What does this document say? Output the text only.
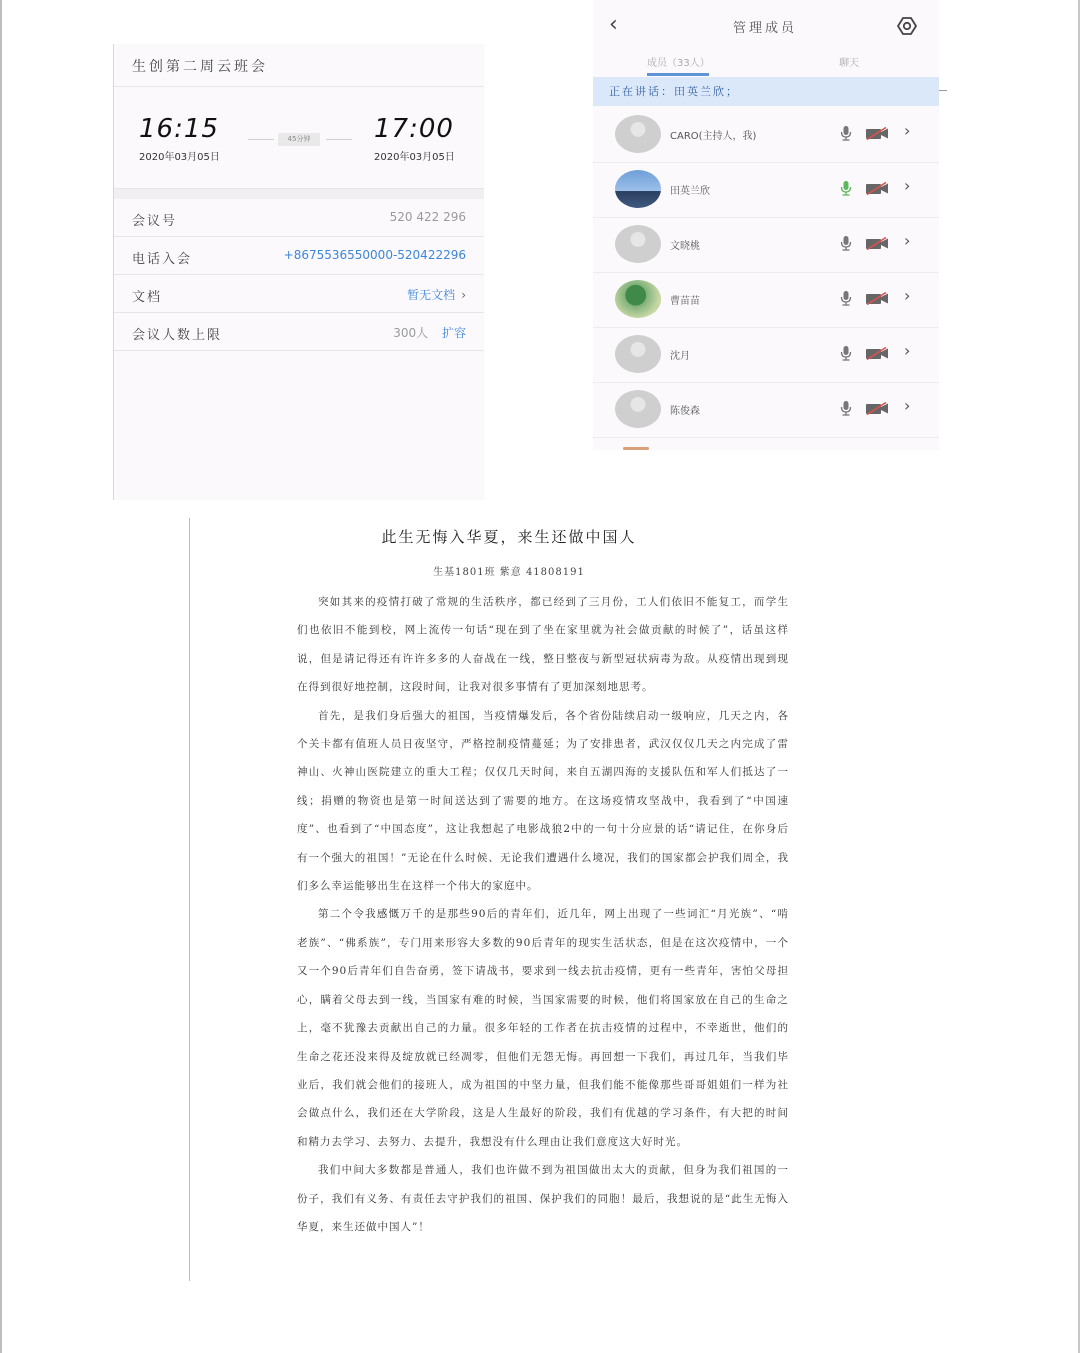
生创第二周云班会
16:15
2020年03月05日
45分钟	17:00
2020年03月05日
会议号	520 422 296
电话入会	+8675536550000-520422296
文档	暂无文档 ›
会议人数上限	300人 扩容
‹	管理成员
成员（33人）	聊天
正在讲话：田英兰欣；
CARO(主持人，我)	›
田英兰欣	›
文晓桃	›
曹苗苗	›
沈月	›
陈俊森	›
此生无悔入华夏，来生还做中国人
生基1801班 紫意 41808191

突如其来的疫情打破了常规的生活秩序，都已经到了三月份，工人们依旧不能复工，而学生们也依旧不能到校，网上流传一句话“现在到了坐在家里就为社会做贡献的时候了”，话虽这样说，但是请记得还有许许多多的人奋战在一线，整日整夜与新型冠状病毒为敌。从疫情出现到现在得到很好地控制，这段时间，让我对很多事情有了更加深刻地思考。

首先，是我们身后强大的祖国，当疫情爆发后，各个省份陆续启动一级响应，几天之内，各个关卡都有值班人员日夜坚守，严格控制疫情蔓延；为了安排患者，武汉仅仅几天之内完成了雷神山、火神山医院建立的重大工程；仅仅几天时间，来自五湖四海的支援队伍和军人们抵达了一线；捐赠的物资也是第一时间送达到了需要的地方。在这场疫情攻坚战中，我看到了“中国速度”、也看到了“中国态度”，这让我想起了电影战狼2中的一句十分应景的话“请记住，在你身后有一个强大的祖国！”无论在什么时候、无论我们遭遇什么境况，我们的国家都会护我们周全，我们多么幸运能够出生在这样一个伟大的家庭中。

第二个令我感慨万千的是那些90后的青年们，近几年，网上出现了一些词汇“月光族”、“啃老族”、“佛系族”，专门用来形容大多数的90后青年的现实生活状态，但是在这次疫情中，一个又一个90后青年们自告奋勇，签下请战书，要求到一线去抗击疫情，更有一些青年，害怕父母担心，瞒着父母去到一线，当国家有难的时候，当国家需要的时候，他们将国家放在自己的生命之上，毫不犹豫去贡献出自己的力量。很多年轻的工作者在抗击疫情的过程中，不幸逝世，他们的生命之花还没来得及绽放就已经凋零，但他们无怨无悔。再回想一下我们，再过几年，当我们毕业后，我们就会他们的接班人，成为祖国的中坚力量，但我们能不能像那些哥哥姐姐们一样为社会做点什么，我们还在大学阶段，这是人生最好的阶段，我们有优越的学习条件，有大把的时间和精力去学习、去努力、去提升，我想没有什么理由让我们意度这大好时光。

我们中间大多数都是普通人，我们也许做不到为祖国做出太大的贡献，但身为我们祖国的一份子，我们有义务、有责任去守护我们的祖国、保护我们的同胞！最后，我想说的是“此生无悔入华夏，来生还做中国人”！
